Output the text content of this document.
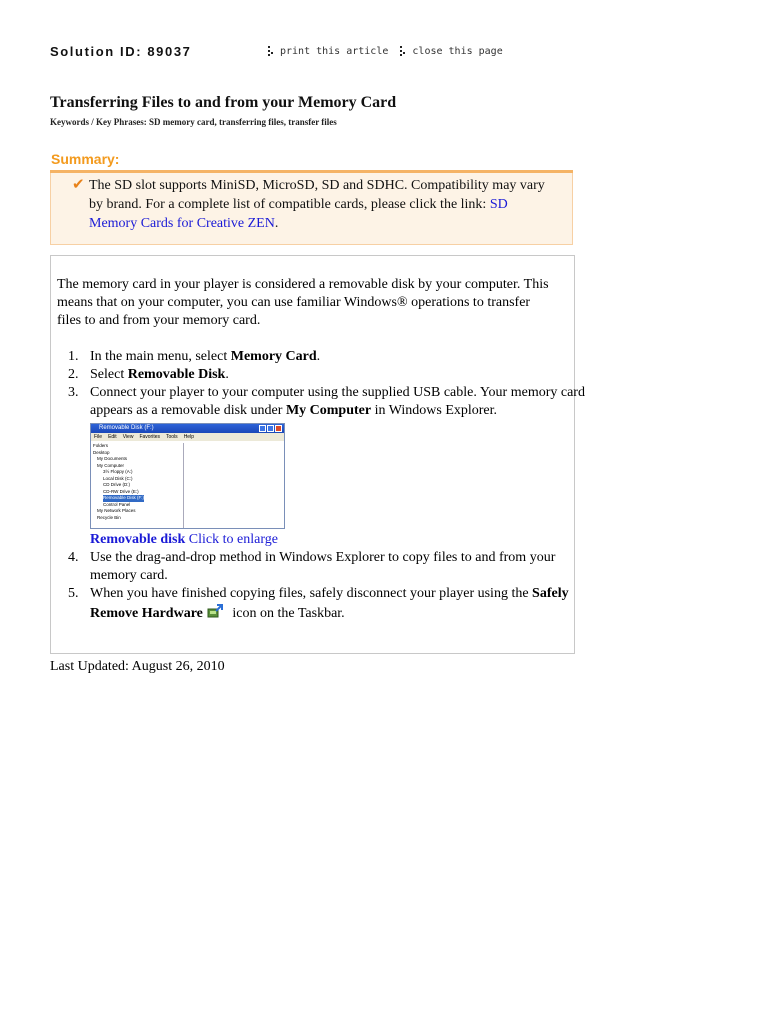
Solution ID: 89037	print this article
close this page
Transferring Files to and from your Memory Card
Keywords / Key Phrases: SD memory card, transferring files, transfer files
Summary:
✔ The SD slot supports MiniSD, MicroSD, SD and SDHC. Compatibility may vary by brand. For a complete list of compatible cards, please click the link: SD Memory Cards for Creative ZEN.

The memory card in your player is considered a removable disk by your computer. This means that on your computer, you can use familiar Windows® operations to transfer files to and from your memory card.

1. In the main menu, select Memory Card.
2. Select Removable Disk.
3. Connect your player to your computer using the supplied USB cable. Your memory card appears as a removable disk under My Computer in Windows Explorer.
Removable Disk (F:)
File Edit View Favorites Tools Help
Folders
Desktop
My Documents
My Computer
3½ Floppy (A:)
Local Disk (C:)
CD Drive (D:)
CD-RW Drive (E:)
Removable Disk (F:)
Control Panel
My Network Places
Recycle Bin
Removable disk Click to enlarge
4. Use the drag-and-drop method in Windows Explorer to copy files to and from your memory card.
5. When you have finished copying files, safely disconnect your player using the Safely Remove Hardware icon on the Taskbar.
Last Updated: August 26, 2010
